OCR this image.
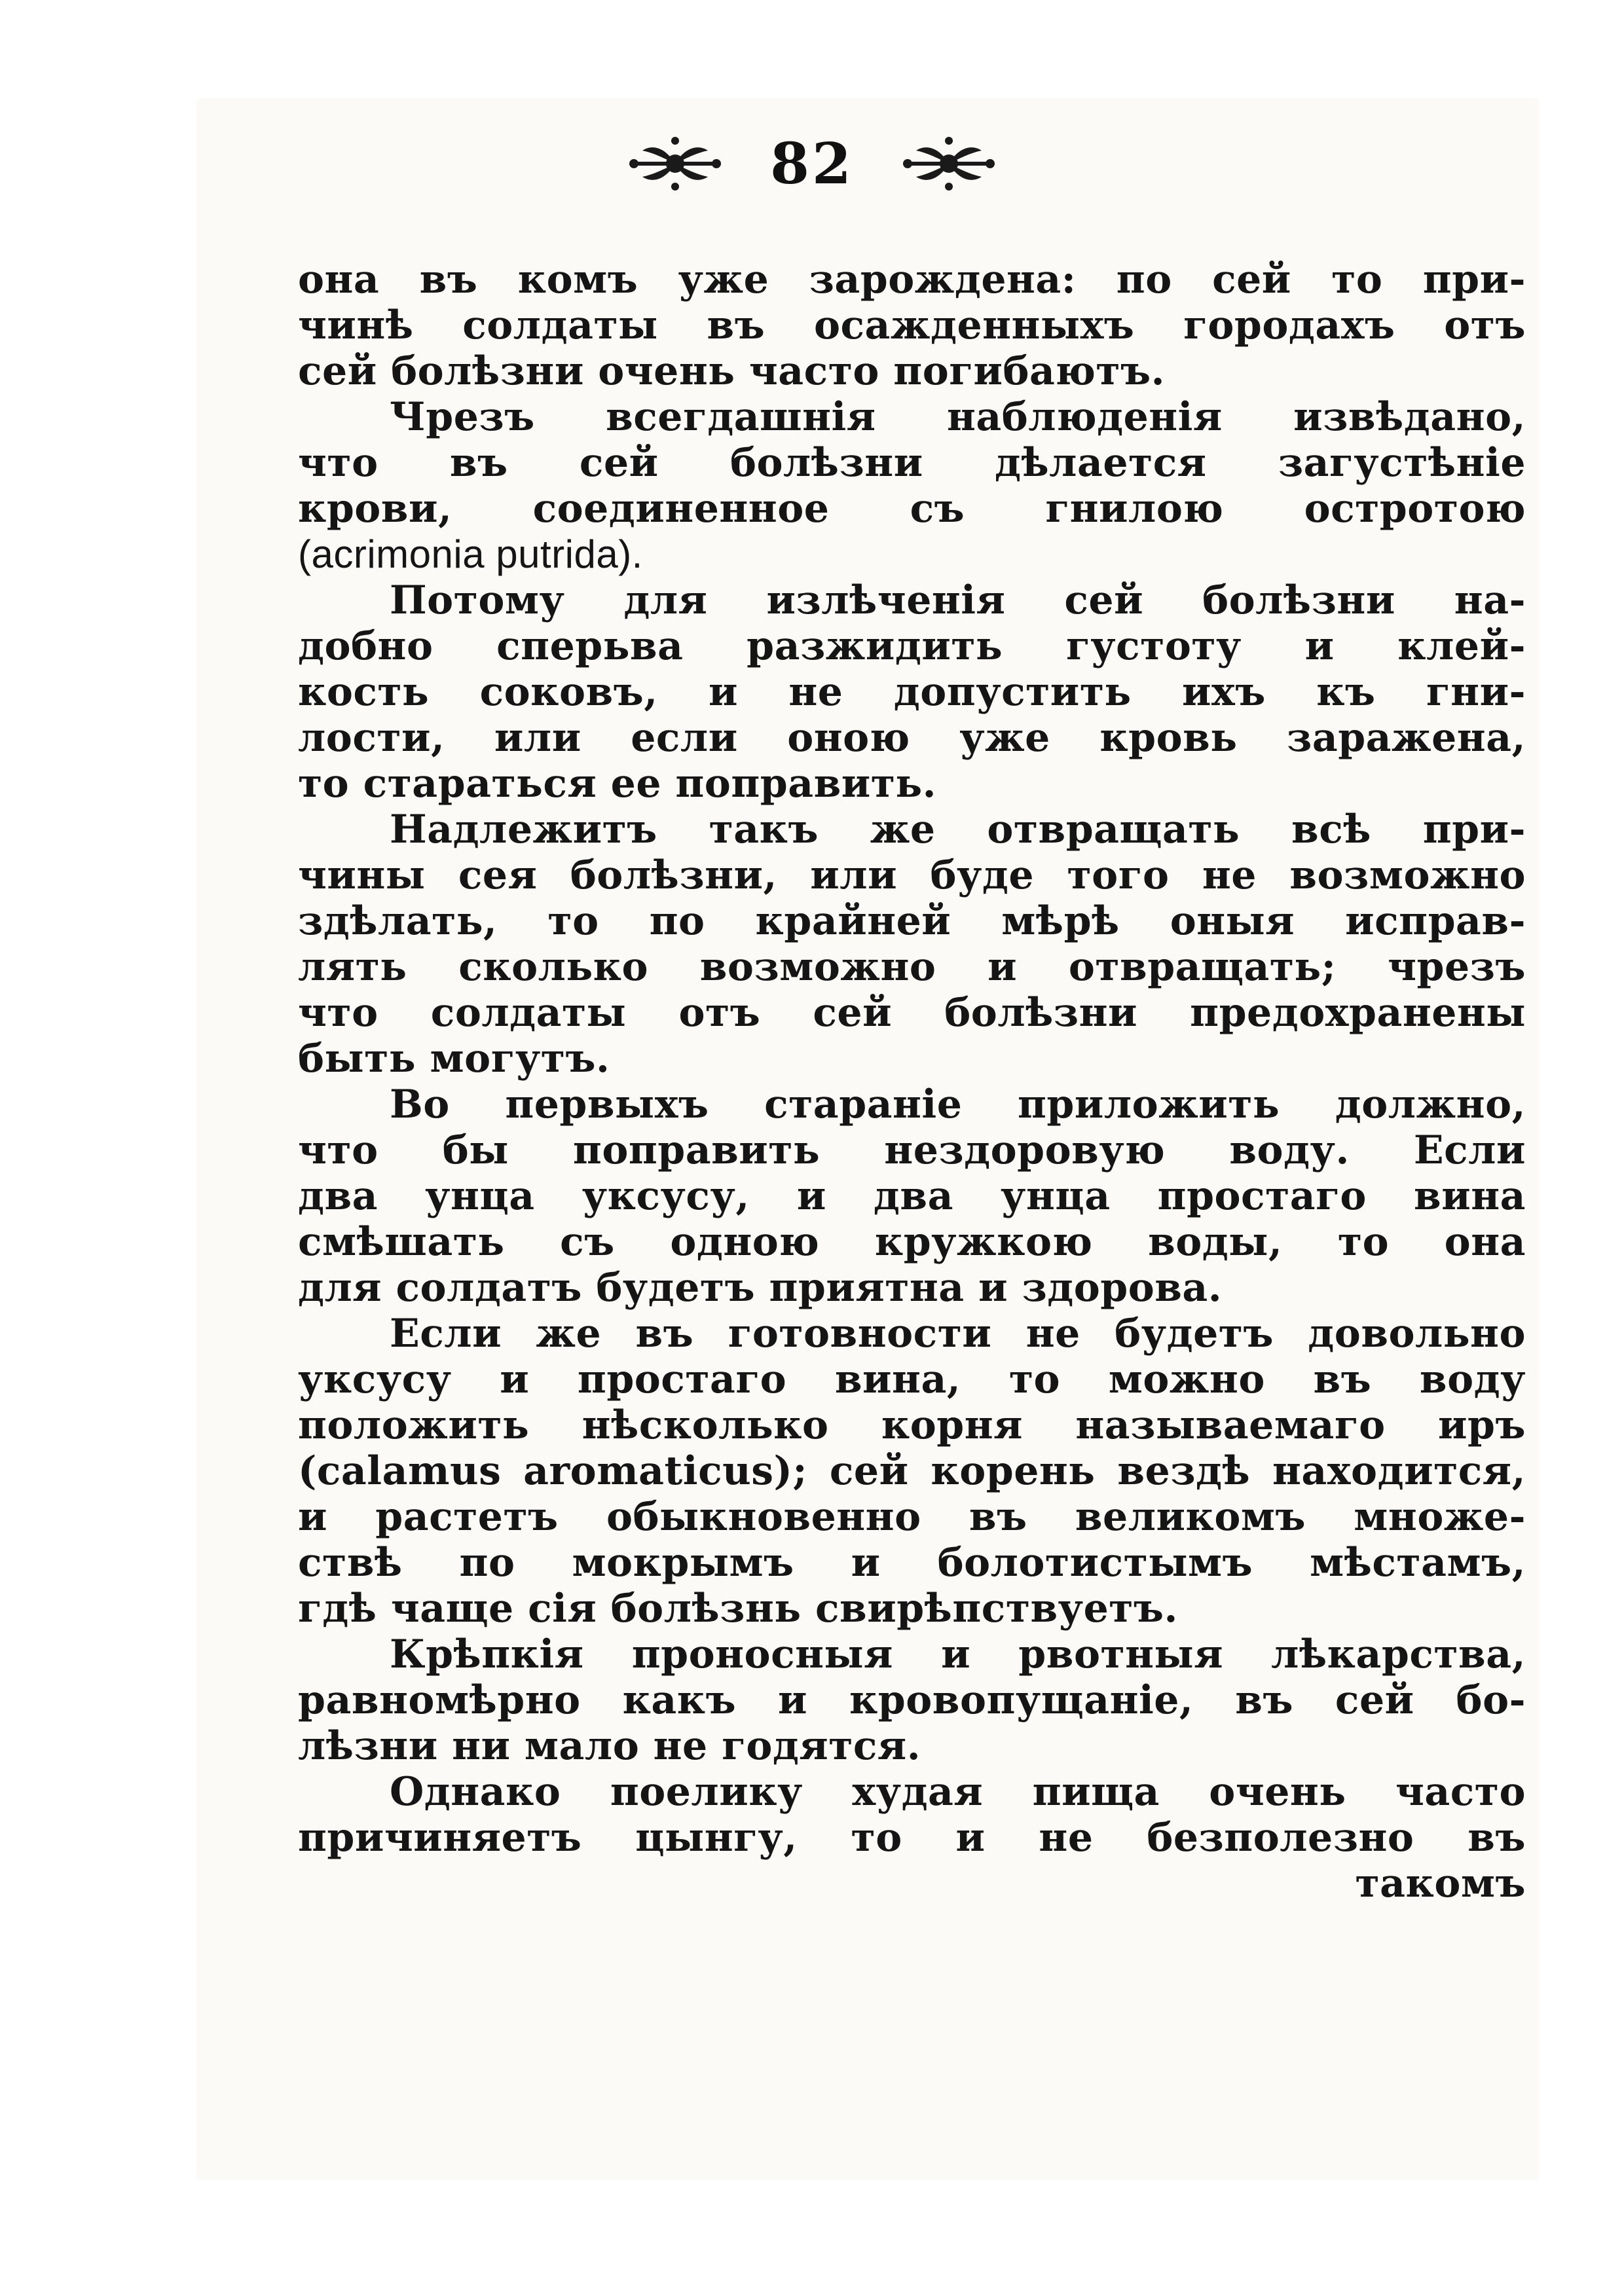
82
она въ комъ уже зарождена: по сей то при-
чинѣ солдаты въ осажденныхъ городахъ отъ
сей болѣзни очень часто погибаютъ.
Чрезъ всегдашнія наблюденія извѣдано,
что въ сей болѣзни дѣлается загустѣніе
крови, соединенное съ гнилою остротою
(acrimonia putrida).
Потому для излѣченія сей болѣзни на-
добно сперьва разжидить густоту и клей-
кость соковъ, и не допустить ихъ къ гни-
лости, или если оною уже кровь заражена,
то стараться ее поправить.
Надлежитъ такъ же отвращать всѣ при-
чины сея болѣзни, или буде того не возможно
здѣлать, то по крайней мѣрѣ оныя исправ-
лять сколько возможно и отвращать; чрезъ
что солдаты отъ сей болѣзни предохранены
быть могутъ.
Во первыхъ стараніе приложить должно,
что бы поправить нездоровую воду. Если
два унца уксусу, и два унца простаго вина
смѣшать съ одною кружкою воды, то она
для солдатъ будетъ приятна и здорова.
Если же въ готовности не будетъ довольно
уксусу и простаго вина, то можно въ воду
положить нѣсколько корня называемаго иръ
(calamus aromaticus); сей корень вездѣ находится,
и растетъ обыкновенно въ великомъ множе-
ствѣ по мокрымъ и болотистымъ мѣстамъ,
гдѣ чаще сія болѣзнь свирѣпствуетъ.
Крѣпкія проносныя и рвотныя лѣкарства,
равномѣрно какъ и кровопущаніе, въ сей бо-
лѣзни ни мало не годятся.
Однако поелику худая пища очень часто
причиняетъ цынгу, то и не безполезно въ
такомъ
